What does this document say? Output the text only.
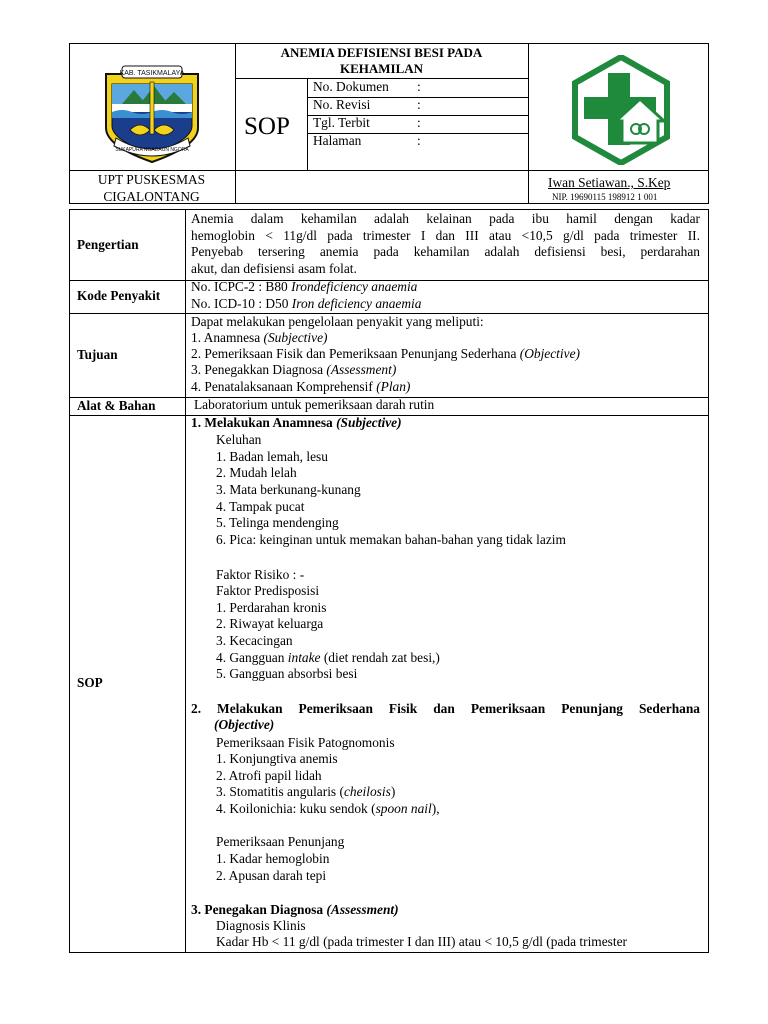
KAB. TASIKMALAYA
SUKAPURA NGADAUN NGORA
ANEMIA DEFISIENSI BESI PADA
KEHAMILAN
SOP
No. Dokumen :
No. Revisi	:
Tgl. Terbit	:
Halaman	:
UPT PUSKESMAS
CIGALONTANG
Iwan Setiawan., S.Kep
NIP. 19690115 198912 1 001
Pengertian
Anemia dalam kehamilan adalah kelainan pada ibu hamil dengan kadar
hemoglobin < 11g/dl pada trimester I dan III atau <10,5 g/dl pada trimester II.
Penyebab tersering anemia pada kehamilan adalah defisiensi besi, perdarahan
akut, dan defisiensi asam folat.
Kode Penyakit
No. ICPC-2 : B80 Irondeficiency anaemia
No. ICD-10 : D50 Iron deficiency anaemia
Tujuan
Dapat melakukan pengelolaan penyakit yang meliputi:
1. Anamnesa (Subjective)
2. Pemeriksaan Fisik dan Pemeriksaan Penunjang Sederhana (Objective)
3. Penegakkan Diagnosa (Assessment)
4. Penatalaksanaan Komprehensif (Plan)
Alat & Bahan	Laboratorium untuk pemeriksaan darah rutin
SOP
1. Melakukan Anamnesa (Subjective)
Keluhan
1. Badan lemah, lesu
2. Mudah lelah
3. Mata berkunang-kunang
4. Tampak pucat
5. Telinga mendenging
6. Pica: keinginan untuk memakan bahan-bahan yang tidak lazim
Faktor Risiko : -
Faktor Predisposisi
1. Perdarahan kronis
2. Riwayat keluarga
3. Kecacingan
4. Gangguan intake (diet rendah zat besi,)
5. Gangguan absorbsi besi
2. Melakukan Pemeriksaan Fisik dan Pemeriksaan Penunjang Sederhana
(Objective)
Pemeriksaan Fisik Patognomonis
1. Konjungtiva anemis
2. Atrofi papil lidah
3. Stomatitis angularis (cheilosis)
4. Koilonichia: kuku sendok (spoon nail),
Pemeriksaan Penunjang
1. Kadar hemoglobin
2. Apusan darah tepi
3. Penegakan Diagnosa (Assessment)
Diagnosis Klinis
Kadar Hb < 11 g/dl (pada trimester I dan III) atau < 10,5 g/dl (pada trimester
